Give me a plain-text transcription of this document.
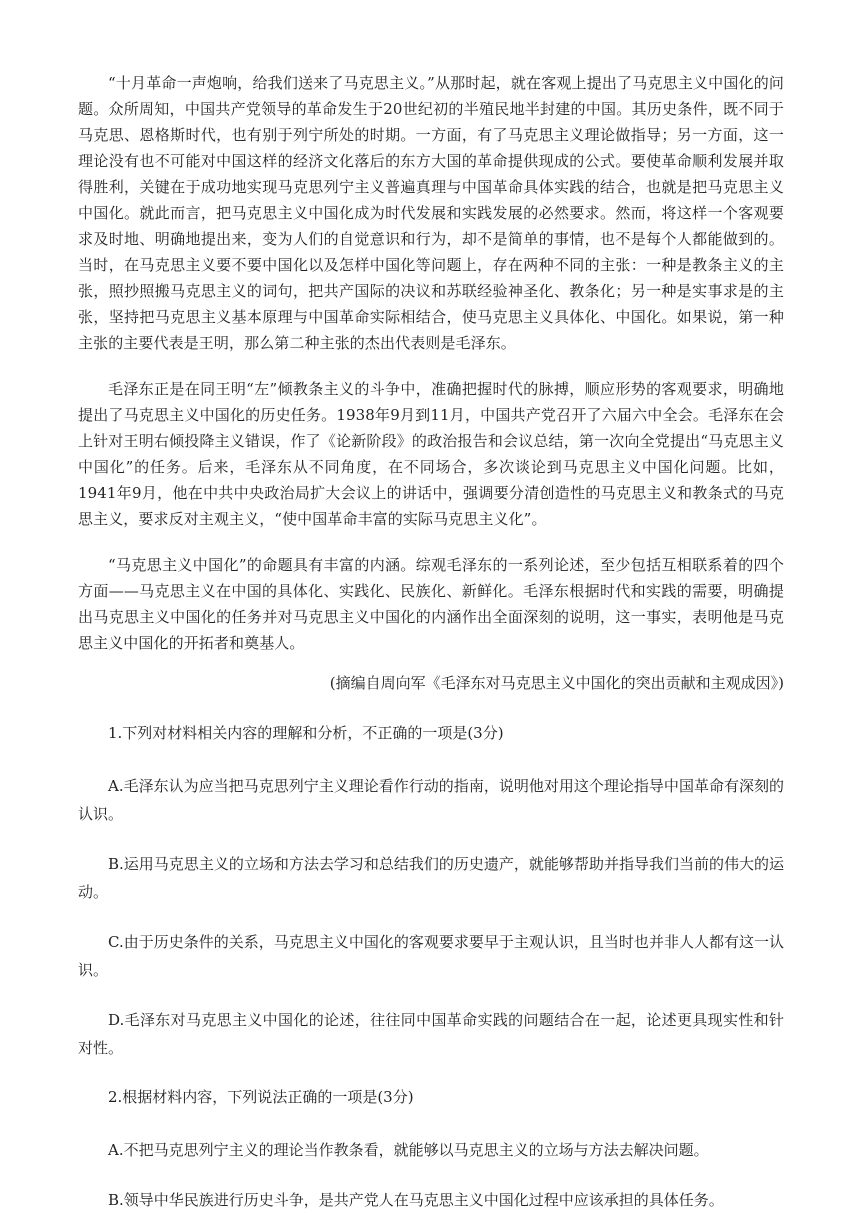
“十月革命一声炮响，给我们送来了马克思主义。”从那时起，就在客观上提出了马克思主义中国化的问题。众所周知，中国共产党领导的革命发生于20世纪初的半殖民地半封建的中国。其历史条件，既不同于马克思、恩格斯时代，也有别于列宁所处的时期。一方面，有了马克思主义理论做指导；另一方面，这一理论没有也不可能对中国这样的经济文化落后的东方大国的革命提供现成的公式。要使革命顺利发展并取得胜利，关键在于成功地实现马克思列宁主义普遍真理与中国革命具体实践的结合，也就是把马克思主义中国化。就此而言，把马克思主义中国化成为时代发展和实践发展的必然要求。然而，将这样一个客观要求及时地、明确地提出来，变为人们的自觉意识和行为，却不是简单的事情，也不是每个人都能做到的。当时，在马克思主义要不要中国化以及怎样中国化等问题上，存在两种不同的主张：一种是教条主义的主张，照抄照搬马克思主义的词句，把共产国际的决议和苏联经验神圣化、教条化；另一种是实事求是的主张，坚持把马克思主义基本原理与中国革命实际相结合，使马克思主义具体化、中国化。如果说，第一种主张的主要代表是王明，那么第二种主张的杰出代表则是毛泽东。

毛泽东正是在同王明“左”倾教条主义的斗争中，准确把握时代的脉搏，顺应形势的客观要求，明确地提出了马克思主义中国化的历史任务。1938年9月到11月，中国共产党召开了六届六中全会。毛泽东在会上针对王明右倾投降主义错误，作了《论新阶段》的政治报告和会议总结，第一次向全党提出“马克思主义中国化”的任务。后来，毛泽东从不同角度，在不同场合，多次谈论到马克思主义中国化问题。比如，1941年9月，他在中共中央政治局扩大会议上的讲话中，强调要分清创造性的马克思主义和教条式的马克思主义，要求反对主观主义，“使中国革命丰富的实际马克思主义化”。

“马克思主义中国化”的命题具有丰富的内涵。综观毛泽东的一系列论述，至少包括互相联系着的四个方面——马克思主义在中国的具体化、实践化、民族化、新鲜化。毛泽东根据时代和实践的需要，明确提出马克思主义中国化的任务并对马克思主义中国化的内涵作出全面深刻的说明，这一事实，表明他是马克思主义中国化的开拓者和奠基人。

(摘编自周向军《毛泽东对马克思主义中国化的突出贡献和主观成因》)

1.下列对材料相关内容的理解和分析，不正确的一项是(3分)

A.毛泽东认为应当把马克思列宁主义理论看作行动的指南，说明他对用这个理论指导中国革命有深刻的认识。

B.运用马克思主义的立场和方法去学习和总结我们的历史遗产，就能够帮助并指导我们当前的伟大的运动。

C.由于历史条件的关系，马克思主义中国化的客观要求要早于主观认识，且当时也并非人人都有这一认识。

D.毛泽东对马克思主义中国化的论述，往往同中国革命实践的问题结合在一起，论述更具现实性和针对性。

2.根据材料内容，下列说法正确的一项是(3分)

A.不把马克思列宁主义的理论当作教条看，就能够以马克思主义的立场与方法去解决问题。

B.领导中华民族进行历史斗争，是共产党人在马克思主义中国化过程中应该承担的具体任务。
